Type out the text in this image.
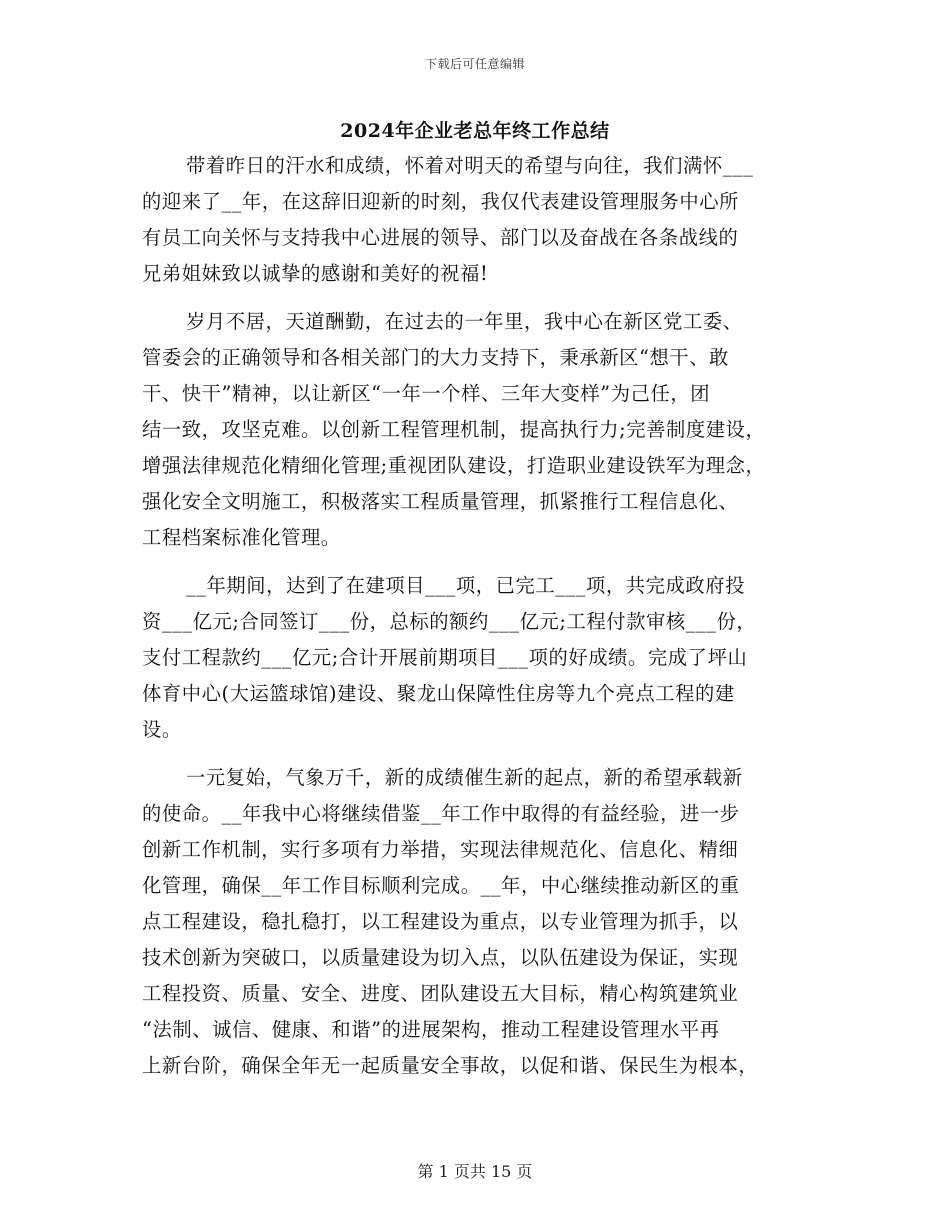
下载后可任意编辑
2024年企业老总年终工作总结
带着昨日的汗水和成绩，怀着对明天的希望与向往，我们满怀___
的迎来了__年，在这辞旧迎新的时刻，我仅代表建设管理服务中心所
有员工向关怀与支持我中心进展的领导、部门以及奋战在各条战线的
兄弟姐妹致以诚挚的感谢和美好的祝福!
岁月不居，天道酬勤，在过去的一年里，我中心在新区党工委、
管委会的正确领导和各相关部门的大力支持下，秉承新区“想干、敢
干、快干”精神，以让新区“一年一个样、三年大变样”为己任，团
结一致，攻坚克难。以创新工程管理机制，提高执行力;完善制度建设，
增强法律规范化精细化管理;重视团队建设，打造职业建设铁军为理念，
强化安全文明施工，积极落实工程质量管理，抓紧推行工程信息化、
工程档案标准化管理。
__年期间，达到了在建项目___项，已完工___项，共完成政府投
资___亿元;合同签订___份，总标的额约___亿元;工程付款审核___份，
支付工程款约___亿元;合计开展前期项目___项的好成绩。完成了坪山
体育中心(大运篮球馆)建设、聚龙山保障性住房等九个亮点工程的建
设。
一元复始，气象万千，新的成绩催生新的起点，新的希望承载新
的使命。__年我中心将继续借鉴__年工作中取得的有益经验，进一步
创新工作机制，实行多项有力举措，实现法律规范化、信息化、精细
化管理，确保__年工作目标顺利完成。__年，中心继续推动新区的重
点工程建设，稳扎稳打，以工程建设为重点，以专业管理为抓手，以
技术创新为突破口，以质量建设为切入点，以队伍建设为保证，实现
工程投资、质量、安全、进度、团队建设五大目标，精心构筑建筑业
“法制、诚信、健康、和谐”的进展架构，推动工程建设管理水平再
上新台阶，确保全年无一起质量安全事故，以促和谐、保民生为根本，
第 1 页共 15 页
